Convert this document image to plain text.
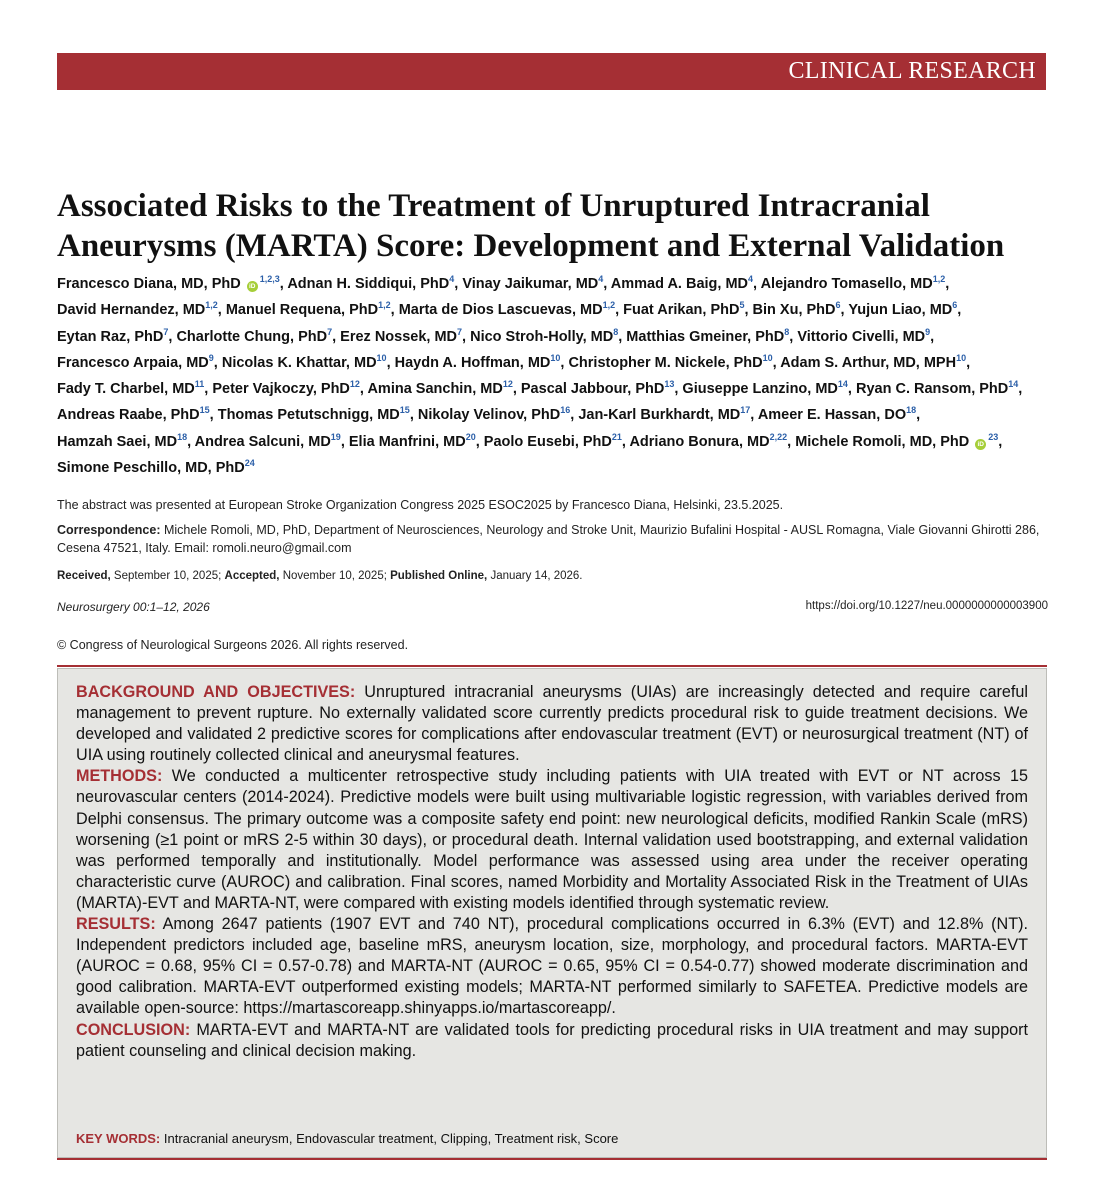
CLINICAL RESEARCH
Associated Risks to the Treatment of Unruptured Intracranial Aneurysms (MARTA) Score: Development and External Validation
Francesco Diana, MD, PhD iD$^{1,2,3}$, Adnan H. Siddiqui, PhD$^4$, Vinay Jaikumar, $MD^4$, Ammad A. Baig, $MD^4$, Alejandro Tomasello, MD$^{1,2}$, David Hernandez, MD$^{1,2}$, Manuel Requena, PhD$^{1,2}$, Marta de Dios Lascuevas, MD$^{1,2}$, Fuat Arikan, PhD$^5$, Bin Xu, PhD$^6$, Yujun Liao, $MD^6$, Eytan Raz, PhD$^7$, Charlotte Chung, PhD$^7$, Erez Nossek, $MD^7$, Nico Stroh-Holly, $MD^8$, Matthias Gmeiner, PhD$^8$, Vittorio Civelli, $MD^9$, Francesco Arpaia, $MD^9$, Nicolas K. Khattar, MD$^{10}$, Haydn A. Hoffman, MD$^{10}$, Christopher M. Nickele, PhD$^{10}$, Adam S. Arthur, MD, MPH$^{10}$, Fady T. Charbel, MD$^{11}$, Peter Vajkoczy, PhD$^{12}$, Amina Sanchin, MD$^{12}$, Pascal Jabbour, PhD$^{13}$, Giuseppe Lanzino, MD$^{14}$, Ryan C. Ransom, PhD$^{14}$, Andreas Raabe, PhD$^{15}$, Thomas Petutschnigg, MD$^{15}$, Nikolay Velinov, PhD$^{16}$, Jan-Karl Burkhardt, MD$^{17}$, Ameer E. Hassan, DO$^{18}$, Hamzah Saei, MD$^{18}$, Andrea Salcuni, MD$^{19}$, Elia Manfrini, MD$^{20}$, Paolo Eusebi, PhD$^{21}$, Adriano Bonura, MD$^{2,22}$, Michele Romoli, MD, PhD $iD^{23}$, Simone Peschillo, MD, PhD$^{24}$

The abstract was presented at European Stroke Organization Congress 2025 ESOC2025 by Francesco Diana, Helsinki, 23.5.2025.

Correspondence: Michele Romoli, MD, PhD, Department of Neurosciences, Neurology and Stroke Unit, Maurizio Bufalini Hospital - AUSL Romagna, Viale Giovanni Ghirotti 286, Cesena 47521, Italy. Email: romoli.neuro@gmail.com

Received, September 10, 2025; Accepted, November 10, 2025; Published Online, January 14, 2026.

Neurosurgery 00:1–12, 2026	https://doi.org/10.1227/neu.0000000000003900

© Congress of Neurological Surgeons 2026. All rights reserved.

BACKGROUND AND OBJECTIVES: Unruptured intracranial aneurysms (UIAs) are increasingly detected and require careful management to prevent rupture. No externally validated score currently predicts procedural risk to guide treatment decisions. We developed and validated 2 predictive scores for complications after endovascular treatment (EVT) or neurosurgical treatment (NT) of UIA using routinely collected clinical and aneurysmal features.

METHODS: We conducted a multicenter retrospective study including patients with UIA treated with EVT or NT across 15 neurovascular centers (2014-2024). Predictive models were built using multivariable logistic regression, with variables derived from Delphi consensus. The primary outcome was a composite safety end point: new neurological deficits, modified Rankin Scale (mRS) worsening (≥1 point or mRS 2-5 within 30 days), or procedural death. Internal validation used bootstrapping, and external validation was performed temporally and institutionally. Model performance was assessed using area under the receiver operating characteristic curve (AUROC) and calibration. Final scores, named Morbidity and Mortality Associated Risk in the Treatment of UIAs (MARTA)-EVT and MARTA-NT, were compared with existing models identified through systematic review.

RESULTS: Among 2647 patients (1907 EVT and 740 NT), procedural complications occurred in 6.3% (EVT) and 12.8% (NT). Independent predictors included age, baseline mRS, aneurysm location, size, morphology, and procedural factors. MARTA-EVT (AUROC = 0.68, 95% CI = 0.57-0.78) and MARTA-NT (AUROC = 0.65, 95% CI = 0.54-0.77) showed moderate discrimination and good calibration. MARTA-EVT outperformed existing models; MARTA-NT performed similarly to SAFETEA. Predictive models are available open-source: https://martascoreapp.shinyapps.io/martascoreapp/.

CONCLUSION: MARTA-EVT and MARTA-NT are validated tools for predicting procedural risks in UIA treatment and may support patient counseling and clinical decision making.

KEY WORDS: Intracranial aneurysm, Endovascular treatment, Clipping, Treatment risk, Score
